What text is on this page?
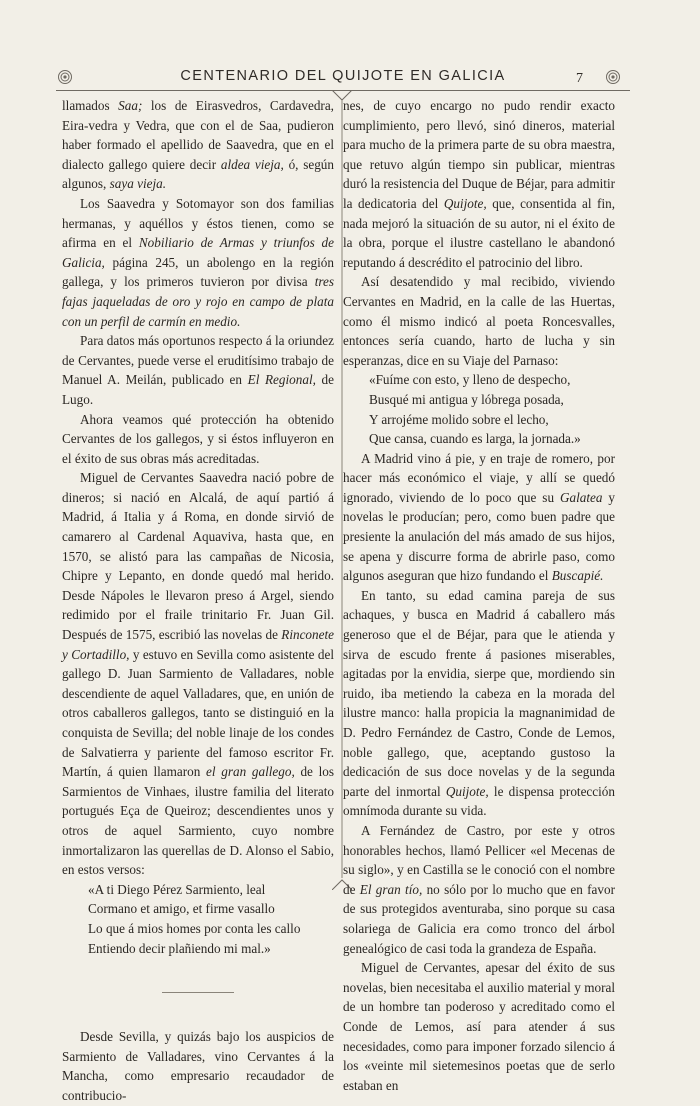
CENTENARIO DEL QUIJOTE EN GALICIA	7

llamados Saa; los de Eirasvedros, Cardavedra, Eira-vedra y Vedra, que con el de Saa, pudieron haber formado el apellido de Saavedra, que en el dialecto gallego quiere decir aldea vieja, ó, según algunos, saya vieja.

Los Saavedra y Sotomayor son dos familias hermanas, y aquéllos y éstos tienen, como se afirma en el Nobiliario de Armas y triunfos de Galicia, página 245, un abolengo en la región gallega, y los primeros tuvieron por divisa tres fajas jaqueladas de oro y rojo en campo de plata con un perfil de carmín en medio.

Para datos más oportunos respecto á la oriundez de Cervantes, puede verse el eruditísimo trabajo de Manuel A. Meilán, publicado en El Regional, de Lugo.

Ahora veamos qué protección ha obtenido Cervantes de los gallegos, y si éstos influyeron en el éxito de sus obras más acreditadas.

Miguel de Cervantes Saavedra nació pobre de dineros; si nació en Alcalá, de aquí partió á Madrid, á Italia y á Roma, en donde sirvió de camarero al Cardenal Aquaviva, hasta que, en 1570, se alistó para las campañas de Nicosia, Chipre y Lepanto, en donde quedó mal herido. Desde Nápoles le llevaron preso á Argel, siendo redimido por el fraile trinitario Fr. Juan Gil. Después de 1575, escribió las novelas de Rinconete y Cortadillo, y estuvo en Sevilla como asistente del gallego D. Juan Sarmiento de Valladares, noble descendiente de aquel Valladares, que, en unión de otros caballeros gallegos, tanto se distinguió en la conquista de Sevilla; del noble linaje de los condes de Salvatierra y pariente del famoso escritor Fr. Martín, á quien llamaron el gran gallego, de los Sarmientos de Vinhaes, ilustre familia del literato portugués Eça de Queiroz; descendientes unos y otros de aquel Sarmiento, cuyo nombre inmortalizaron las querellas de D. Alonso el Sabio, en estos versos:

«A ti Diego Pérez Sarmiento, leal
Cormano et amigo, et firme vasallo
Lo que á mios homes por conta les callo
Entiendo decir plañiendo mi mal.»

Desde Sevilla, y quizás bajo los auspicios de Sarmiento de Valladares, vino Cervantes á la Mancha, como empresario recaudador de contribucio-

nes, de cuyo encargo no pudo rendir exacto cumplimiento, pero llevó, sinó dineros, material para mucho de la primera parte de su obra maestra, que retuvo algún tiempo sin publicar, mientras duró la resistencia del Duque de Béjar, para admitir la dedicatoria del Quijote, que, consentida al fin, nada mejoró la situación de su autor, ni el éxito de la obra, porque el ilustre castellano le abandonó reputando á descrédito el patrocinio del libro.

Así desatendido y mal recibido, viviendo Cervantes en Madrid, en la calle de las Huertas, como él mismo indicó al poeta Roncesvalles, entonces sería cuando, harto de lucha y sin esperanzas, dice en su Viaje del Parnaso:

«Fuíme con esto, y lleno de despecho,
Busqué mi antigua y lóbrega posada,
Y arrojéme molido sobre el lecho,
Que cansa, cuando es larga, la jornada.»

A Madrid vino á pie, y en traje de romero, por hacer más económico el viaje, y allí se quedó ignorado, viviendo de lo poco que su Galatea y novelas le producían; pero, como buen padre que presiente la anulación del más amado de sus hijos, se apena y discurre forma de abrirle paso, como algunos aseguran que hizo fundando el Buscapié.

En tanto, su edad camina pareja de sus achaques, y busca en Madrid á caballero más generoso que el de Béjar, para que le atienda y sirva de escudo frente á pasiones miserables, agitadas por la envidia, sierpe que, mordiendo sin ruido, iba metiendo la cabeza en la morada del ilustre manco: halla propicia la magnanimidad de D. Pedro Fernández de Castro, Conde de Lemos, noble gallego, que, aceptando gustoso la dedicación de sus doce novelas y de la segunda parte del inmortal Quijote, le dispensa protección omnímoda durante su vida.

A Fernández de Castro, por este y otros honorables hechos, llamó Pellicer «el Mecenas de su siglo», y en Castilla se le conoció con el nombre de El gran tío, no sólo por lo mucho que en favor de sus protegidos aventuraba, sino porque su casa solariega de Galicia era como tronco del árbol genealógico de casi toda la grandeza de España.

Miguel de Cervantes, apesar del éxito de sus novelas, bien necesitaba el auxilio material y moral de un hombre tan poderoso y acreditado como el Conde de Lemos, así para atender á sus necesidades, como para imponer forzado silencio á los «veinte mil sietemesinos poetas que de serlo estaban en
